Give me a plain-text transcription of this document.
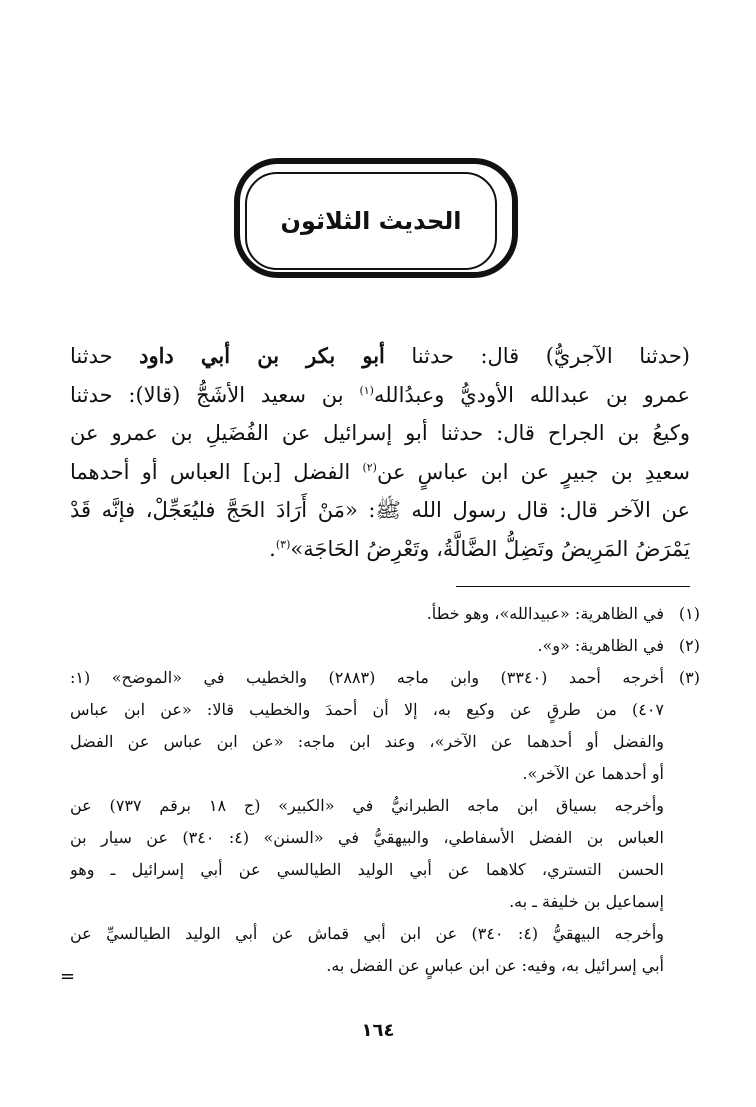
الحديث الثلاثون
(حدثنا الآجريُّ) قال: حدثنا أبو بكر بن أبي داود حدثنا
عمرو بن عبدالله الأوديُّ وعبدُالله$^{(١)}$ بن سعيد الأشَجُّ (قالا): حدثنا
وكيعُ بن الجراح قال: حدثنا أبو إسرائيل عن الفُضَيلِ بن عمرو عن
سعيدِ بن جبيرٍ عن ابن عباسٍ عن$^{(٢)}$ الفضل [بن] العباس أو أحدهما
عن الآخر قال: قال رسول الله ﷺ: «مَنْ أَرَادَ الحَجَّ فليُعَجِّلْ، فإنَّه قَدْ
يَمْرَضُ المَرِيضُ وتَضِلُّ الضَّالَّةُ، وتَعْرِضُ الحَاجَة»$^{(٣)}$.
(١)
في الظاهرية: «عبيدالله»، وهو خطأ.
(٢)
في الظاهرية: «و».
(٣)
أخرجه أحمد (٣٣٤٠) وابن ماجه (٢٨٨٣) والخطيب في «الموضح» (١:
٤٠٧) من طرقٍ عن وكيع به، إلا أن أحمدَ والخطيب قالا: «عن ابن عباس
والفضل أو أحدهما عن الآخر»، وعند ابن ماجه: «عن ابن عباس عن الفضل
أو أحدهما عن الآخر».
وأخرجه بسياق ابن ماجه الطبرانيُّ في «الكبير» (ج ١٨ برقم ٧٣٧) عن
العباس بن الفضل الأسفاطي، والبيهقيُّ في «السنن» (٤: ٣٤٠) عن سيار بن
الحسن التستري، كلاهما عن أبي الوليد الطيالسي عن أبي إسرائيل ـ وهو
إسماعيل بن خليفة ـ به.
وأخرجه البيهقيُّ (٤: ٣٤٠) عن ابن أبي قماش عن أبي الوليد الطيالسيِّ عن
أبي إسرائيل به، وفيه: عن ابن عباسٍ عن الفضل به.
=
١٦٤
